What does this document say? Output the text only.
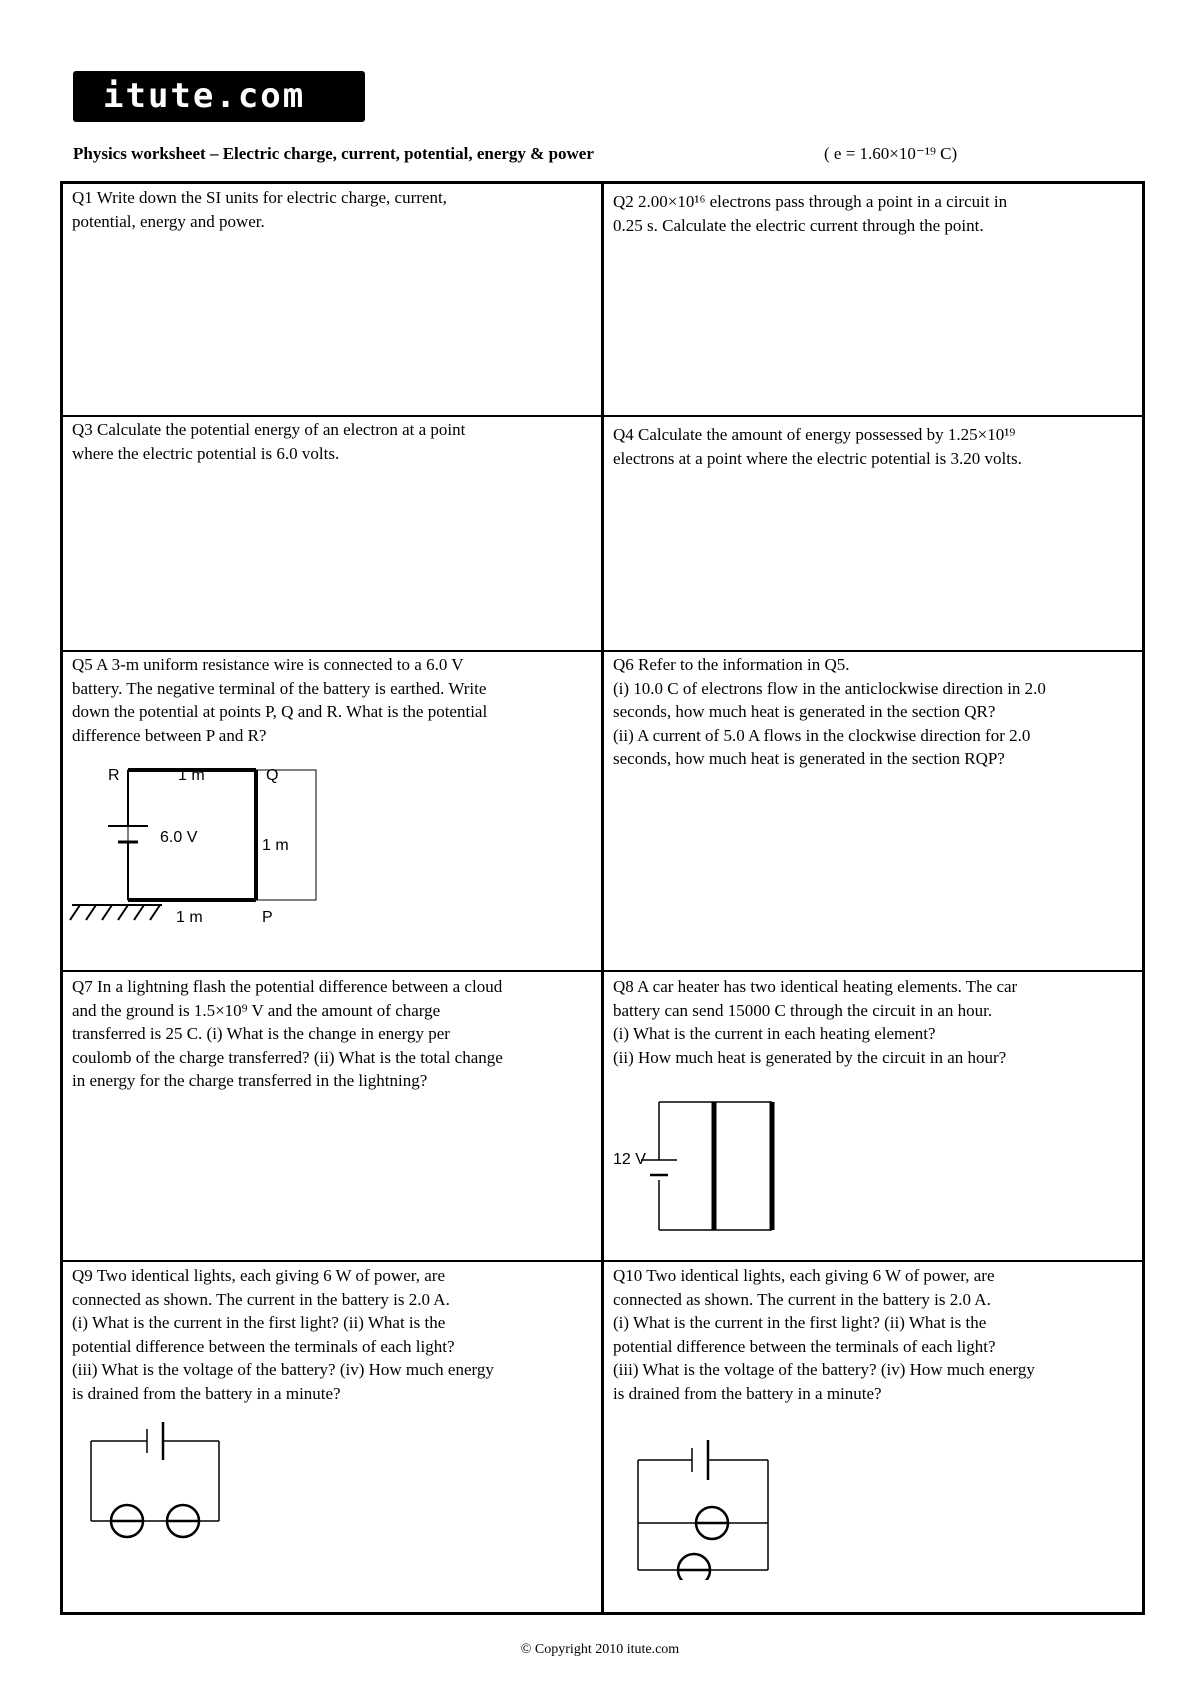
itute.com
Physics worksheet – Electric charge, current, potential, energy & power	( e = 1.60×10⁻¹⁹ C)

Q1 Write down the SI units for electric charge, current,
potential, energy and power.

Q2 2.00×10¹⁶ electrons pass through a point in a circuit in
0.25 s. Calculate the electric current through the point.

Q3 Calculate the potential energy of an electron at a point
where the electric potential is 6.0 volts.

Q4 Calculate the amount of energy possessed by 1.25×10¹⁹
electrons at a point where the electric potential is 3.20 volts.

Q5 A 3-m uniform resistance wire is connected to a 6.0 V
battery. The negative terminal of the battery is earthed. Write
down the potential at points P, Q and R. What is the potential
difference between P and R?

R	Q
P
1 m
1 m
1 m
6.0 V

Q6 Refer to the information in Q5.
(i) 10.0 C of electrons flow in the anticlockwise direction in 2.0
seconds, how much heat is generated in the section QR?
(ii) A current of 5.0 A flows in the clockwise direction for 2.0
seconds, how much heat is generated in the section RQP?

Q7 In a lightning flash the potential difference between a cloud
and the ground is 1.5×10⁹ V and the amount of charge
transferred is 25 C. (i) What is the change in energy per
coulomb of the charge transferred? (ii) What is the total change
in energy for the charge transferred in the lightning?

Q8 A car heater has two identical heating elements. The car
battery can send 15000 C through the circuit in an hour.
(i) What is the current in each heating element?
(ii) How much heat is generated by the circuit in an hour?

12 V

Q9 Two identical lights, each giving 6 W of power, are
connected as shown. The current in the battery is 2.0 A.
(i) What is the current in the first light? (ii) What is the
potential difference between the terminals of each light?
(iii) What is the voltage of the battery? (iv) How much energy
is drained from the battery in a minute?

Q10 Two identical lights, each giving 6 W of power, are
connected as shown. The current in the battery is 2.0 A.
(i) What is the current in the first light? (ii) What is the
potential difference between the terminals of each light?
(iii) What is the voltage of the battery? (iv) How much energy
is drained from the battery in a minute?

© Copyright 2010 itute.com
